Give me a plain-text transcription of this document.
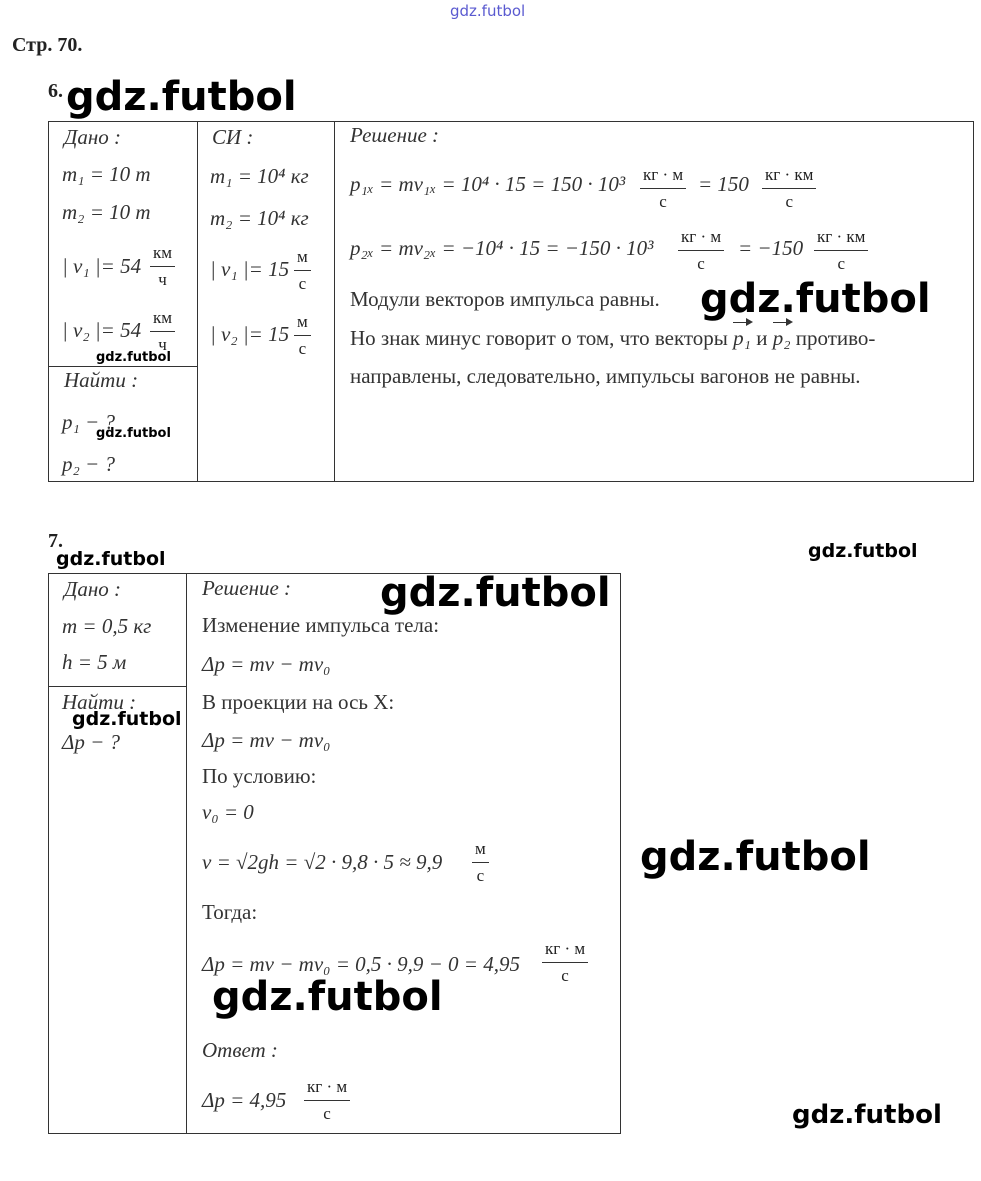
gdz.futbol
gdz.futbol
gdz.futbol
gdz.futbol
gdz.futbol
gdz.futbol	gdz.futbol
gdz.futbol
gdz.futbol
gdz.futbol
gdz.futbol
gdz.futbol
Стр. 70.
6.
Дано :
m₁ = 10 т
m₂ = 10 т
| v₁ |= $54 \frac{км}{ч}$
| v₂ |= $54 \frac{км}{ч}$
Найти :
p₁ − ?
p₂ − ?
СИ :
m₁ = 10⁴ кг
m₂ = 10⁴ кг
| v₁ |= $15 \frac{м}{с}$
| v₂ |= $15 \frac{м}{с}$
Решение :
$p_{1x} = mv_{1x} = 10^4 \cdot 15 = 150 \cdot 10^3 \frac{кг \cdot м}{с} = 150 \frac{кг \cdot км}{с}$
$p_{2x} = mv_{2x} = -10^4 \cdot 15 = -150 \cdot 10^3 \frac{кг \cdot м}{с} = -150 \frac{кг \cdot км}{с}$
Модули векторов импульса равны.
Но знак минус говорит о том, что векторы p₁ и p₂ противо-
направлены, следовательно, импульсы вагонов не равны.
7.
Дано :
m = 0,5 кг
h = 5 м
Найти :
Δp − ?
Решение :
Изменение импульса тела:
Δp = mv − mv₀
В проекции на ось X:
Δp = mv − mv₀
По условию:
v₀ = 0
$v = √2gh = √2 \cdot 9,8 \cdot 5 \approx 9,9 \frac{м}{с}$
Тогда:
Δp = mv − $mv_0 = 0,5 \cdot 9,9 - 0 = 4,95 \frac{кг \cdot м}{с}$
Ответ :
$\Delta p = 4,95 \frac{кг \cdot м}{с}$
